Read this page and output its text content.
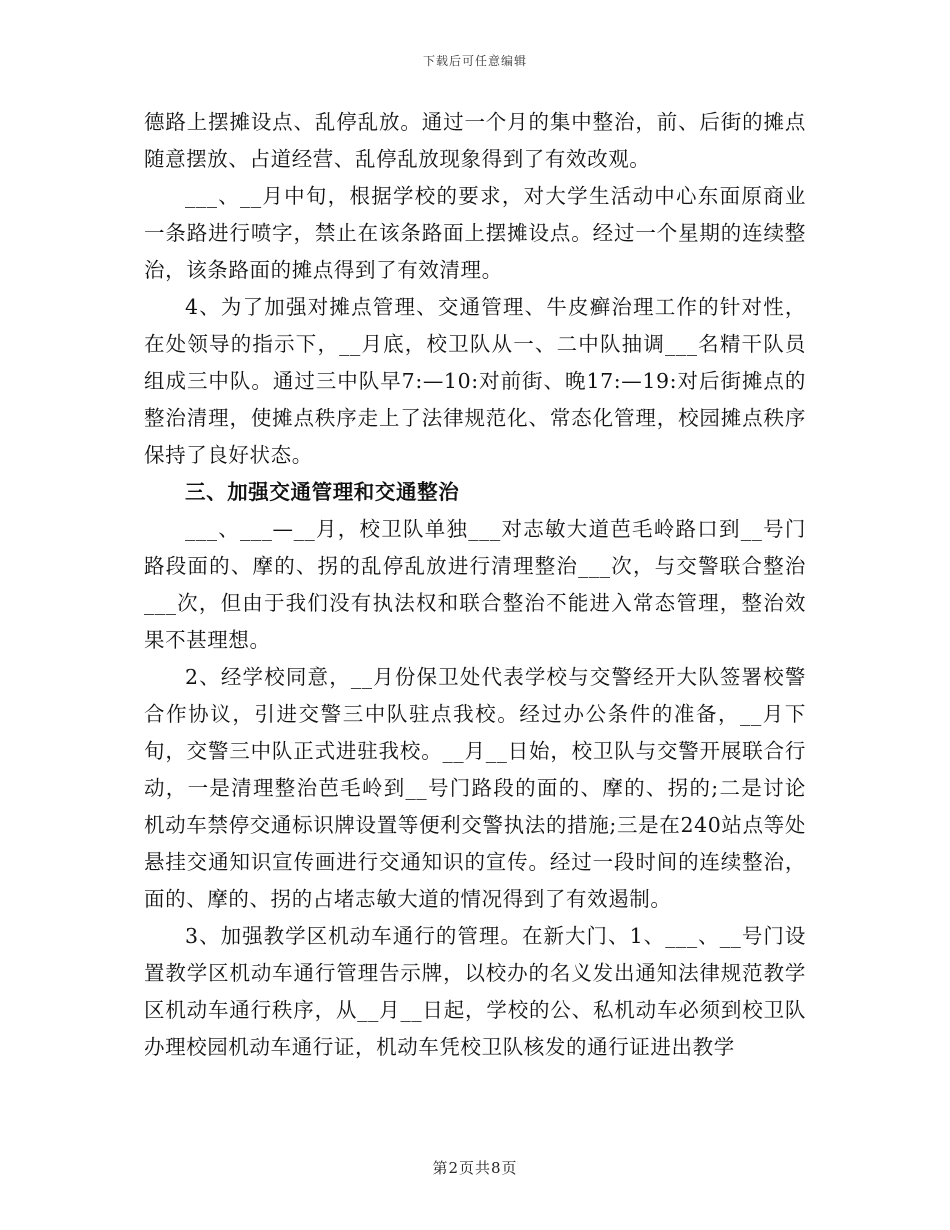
下载后可任意编辑

德路上摆摊设点、乱停乱放。通过一个月的集中整治，前、后街的摊点随意摆放、占道经营、乱停乱放现象得到了有效改观。

___、__月中旬，根据学校的要求，对大学生活动中心东面原商业一条路进行喷字，禁止在该条路面上摆摊设点。经过一个星期的连续整治，该条路面的摊点得到了有效清理。

4、为了加强对摊点管理、交通管理、牛皮癣治理工作的针对性，在处领导的指示下，__月底，校卫队从一、二中队抽调___名精干队员组成三中队。通过三中队早7:—10:对前街、晚17:—19:对后街摊点的整治清理，使摊点秩序走上了法律规范化、常态化管理，校园摊点秩序保持了良好状态。

三、加强交通管理和交通整治

___、___—__月，校卫队单独___对志敏大道芭毛岭路口到__号门路段面的、摩的、拐的乱停乱放进行清理整治___次，与交警联合整治___次，但由于我们没有执法权和联合整治不能进入常态管理，整治效果不甚理想。

2、经学校同意，__月份保卫处代表学校与交警经开大队签署校警合作协议，引进交警三中队驻点我校。经过办公条件的准备，__月下旬，交警三中队正式进驻我校。__月__日始，校卫队与交警开展联合行动，一是清理整治芭毛岭到__号门路段的面的、摩的、拐的;二是讨论机动车禁停交通标识牌设置等便利交警执法的措施;三是在240站点等处悬挂交通知识宣传画进行交通知识的宣传。经过一段时间的连续整治，面的、摩的、拐的占堵志敏大道的情况得到了有效遏制。

3、加强教学区机动车通行的管理。在新大门、1、___、__号门设置教学区机动车通行管理告示牌，以校办的名义发出通知法律规范教学区机动车通行秩序，从__月__日起，学校的公、私机动车必须到校卫队办理校园机动车通行证，机动车凭校卫队核发的通行证进出教学

第2页共8页
